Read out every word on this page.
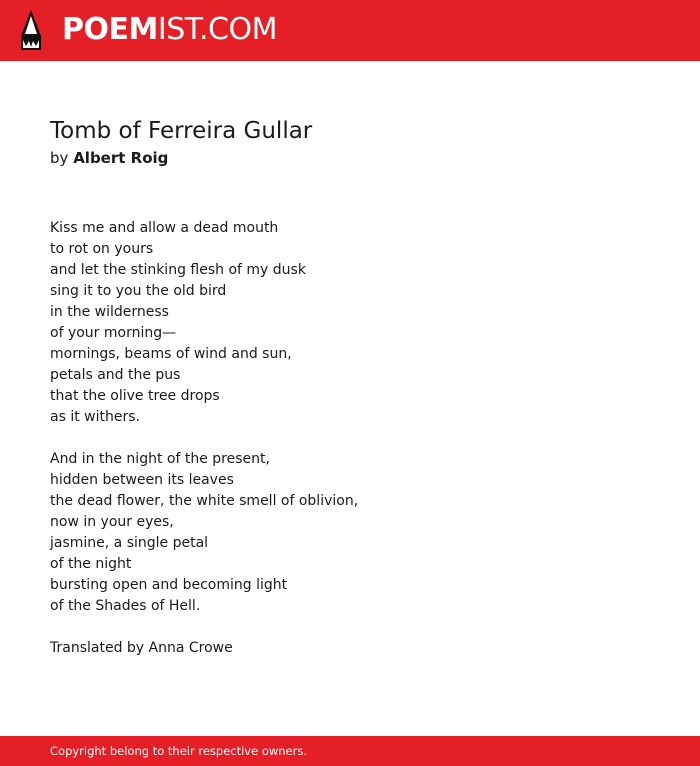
POEMIST.COM
Tomb of Ferreira Gullar
by Albert Roig
Kiss me and allow a dead mouth
to rot on yours
and let the stinking flesh of my dusk
sing it to you the old bird
in the wilderness
of your morning—
mornings, beams of wind and sun,
petals and the pus
that the olive tree drops
as it withers.
And in the night of the present,
hidden between its leaves
the dead flower, the white smell of oblivion,
now in your eyes,
jasmine, a single petal
of the night
bursting open and becoming light
of the Shades of Hell.
Translated by Anna Crowe
Copyright belong to their respective owners.
